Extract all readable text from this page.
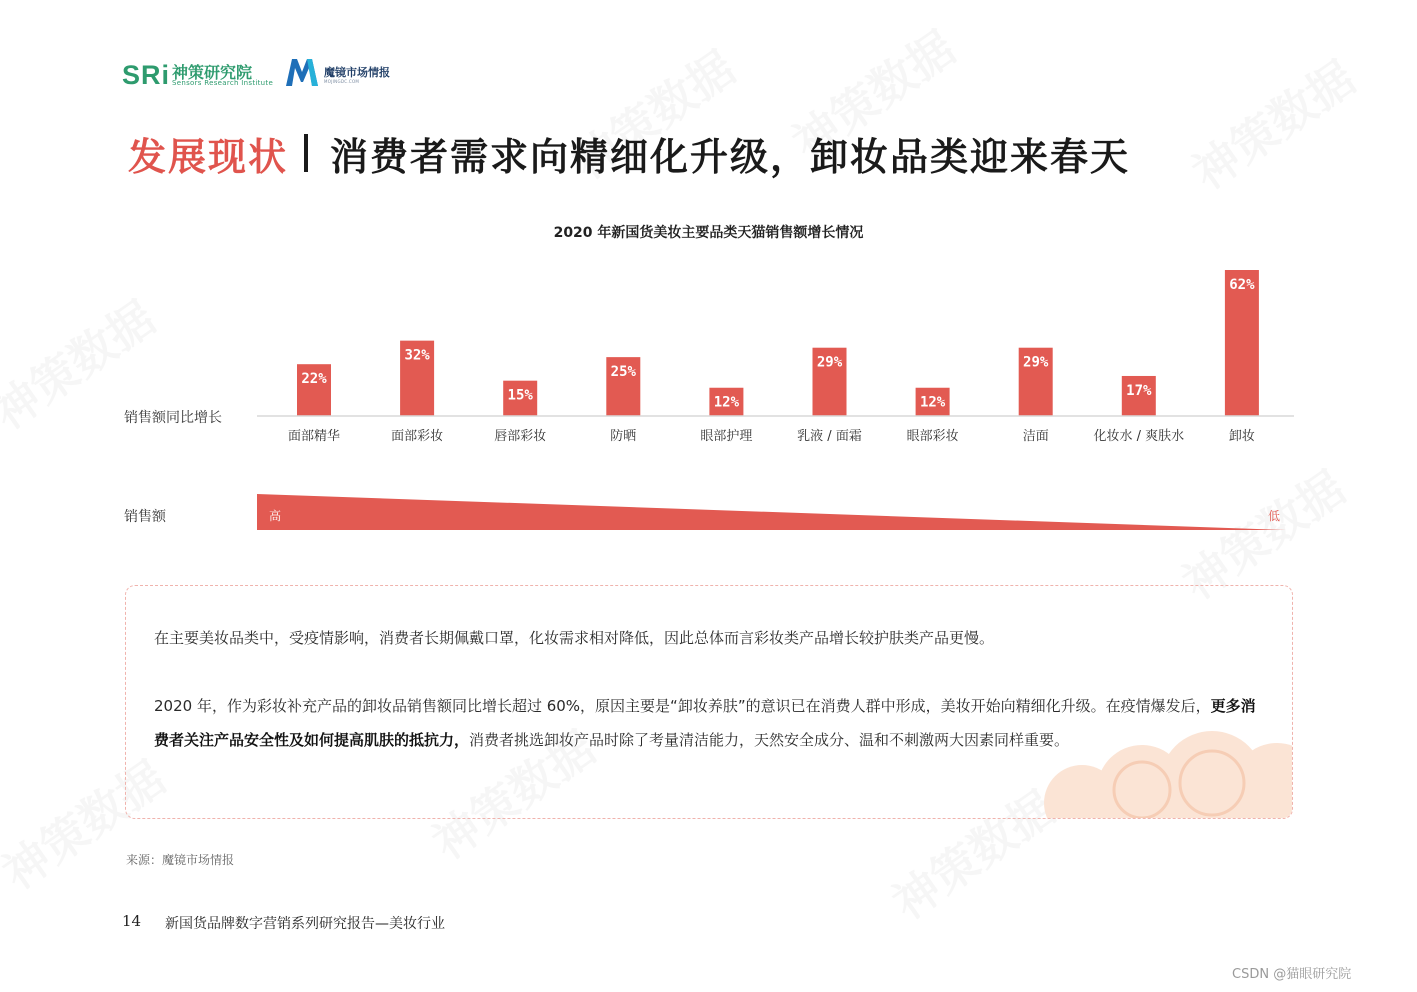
SRi 神策研究院
Sensors Research Institute
魔镜市场情报
MOJINGDC.COM
发展现状 消费者需求向精细化升级，卸妆品类迎来春天
2020 年新国货美妆主要品类天猫销售额增长情况
销售额同比增长
销售额
22%
面部精华
32%
面部彩妆
15%
唇部彩妆
25%
防晒
12%
眼部护理
29%
乳液 / 面霜
12%
眼部彩妆
29%
洁面
17%
化妆水 / 爽肤水
62%
卸妆
高	低
在主要美妆品类中，受疫情影响，消费者长期佩戴口罩，化妆需求相对降低，因此总体而言彩妆类产品增长较护肤类产品更慢。
2020 年，作为彩妆补充产品的卸妆品销售额同比增长超过 60%，原因主要是“卸妆养肤”的意识已在消费人群中形成，美妆开始向精细化升级。在疫情爆发后，更多消费者关注产品安全性及如何提高肌肤的抵抗力，消费者挑选卸妆产品时除了考量清洁能力，天然安全成分、温和不刺激两大因素同样重要。
来源：魔镜市场情报
14 新国货品牌数字营销系列研究报告—美妆行业
CSDN @猫眼研究院
